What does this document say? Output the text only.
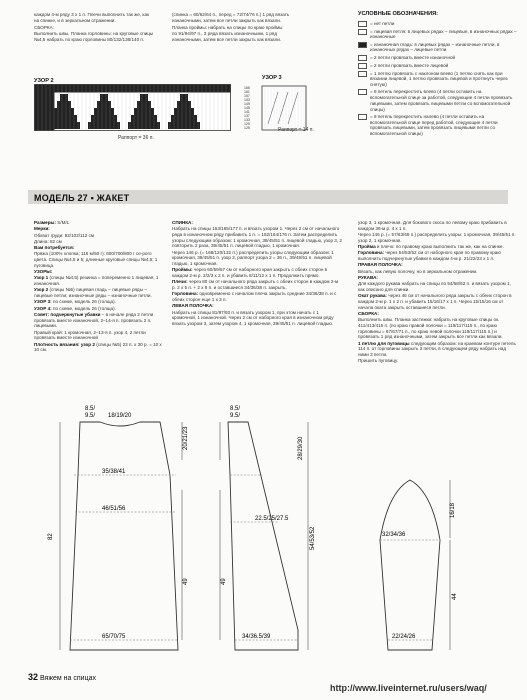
каждом 4-м ряду 3 х 1 п. Плечи выполнить так же, как

на спинке, и в зеркальном отражении.

СБОРКА:

Выполнить швы. Планка горловины: на круговые спицы

№4,5 набрать по краю горловины 80/132/136/140 п.

(спинка = 60/62/64 п., перед = 72/74/76 п.) 1 ряд вязать

изнаночными, затем все петли закрыть как вязали.

Планка проймы: набрать на спицы по краю проймы

по 91/94/97 п., 3 ряда вязать изнаночными, 1 ряд

изнаночными, затем все петли закрыть как вязали.

УСЛОВНЫЕ ОБОЗНАЧЕНИЯ:
= нет петли
= лицевая петля: в лицевых рядах – лицевые, в изнаночных рядах – изнаночные
= изнаночная гладь: в лицевых рядах – изнаночные петли, в изнаночных рядах – лицевые петли
= 2 петли провязать вместе изнаночной
= 2 петли провязать вместе лицевой
= 1 петлю провязать с наклоном влево (1 петлю снять как при вязании лицевой, 1 петлю провязать лицевой и протянуть через снятую)
= 8 петель перекрестить влево (4 петли оставить на вспомогательной спице за работой, следующие 4 петли провязать лицевыми, затем провязать лицевыми петли со вспомогательной спицы)
= 8 петель перекрестить налево (4 петли оставить на вспомогательной спице перед работой, следующие 4 петли провязать лицевыми, затем провязать лицевыми петли со вспомогательной спицы)
УЗОР 2
Раппорт = 36 п.
УЗОР 3
165
161
157
153
149
145
141
137
133
129
125	Раппорт = 14 п.
МОДЕЛЬ 27 ▪ ЖАКЕТ

Размеры: S/M/L

Мерки:

Обхват груди: 92/102/112 см

Длина: 82 см

Вам потребуется:

Пряжа (100% хлопка; 116 м/50 г): 600/700/800 г се-рого цвета. Спицы №4,5 и 5; длинные круговые спицы №4,5; 1 пуговица.

УЗОРЫ:

Узор 1 (спицы №4,5) резинка = попеременно 1 лицевая, 1 изнаночная.

Узор 2 (спицы №5) лицевая гладь – лицевые ряды – лицевые петли; изнаночные ряды – изнаночные петли.

УЗОР 3: по схеме, модель 26 (толща).

УЗОР 4: по схеме, модель 26 (толща).

Совет: подчеркнутые убавки – в начале ряда 2 петли провязать вместе изнаночной, 2–14-я п. провязать 2 п. лицевыми.

Правый край: 1 кромочная, 2–13-я п. узор 4, 2 петли провязать вместе изнаночной

Плотность вязания: узор 2 (спицы №5) 23 п. х 30 р. = 10 х 10 см.

СПИНКА:

Набрать на спицы 153/165/177 п. и вязать узором 1. Через 2 см от начального ряда в изнаночном ряду прибавить 1 п. = 152/164/176 п. Затем распределить узоры следующим образом: 1 кромочная, 39/45/51 п. лицевой гладью, узор 3, 2 повторить 2 раза, 39/45/51 п. лицевой гладью, 1 кромочная.

Через 146 р. (= 168/120/132 п.) распределить узоры следующим образом: 1 кромочная, 39/45/51 п. узор 2, раппорт узора 2 = 36 п., 39/45/51 п. лицевой гладью, 1 кромочная.

Проймы: через 60/59/57 см от наборного края закрыть с обеих сторон в каждом 2-м р. 2/2/3 х 2 п. и убавить 8/11/12 х 1 п. Продолжить прямо.

Плечи: через 80 см от начального ряда закрыть с обеих сторон в каждом 2-м р. 2 х 5 п. + 2 х 6 п. и оставшиеся 34/36/38 п. закрыть.

Горловина: одновременно с началом плеча закрыть средние 34/36/38 п. и с обеих сторон еще 1 х 3 п.

ЛЕВАЯ ПОЛОЧКА:

Набрать на спицы 81/87/93 п. и вязать узором 1, при этом начать с 1 кромочной, 1 изнаночной. Через 2 см от наборного края в изнаночном ряду вязать узором 3, затем узором 4, 1 кромочная, 39/45/51 п. лицевой гладью.

узор 3, 1 кромочная. Для бокового скоса по левому краю прибавить в каждом 36-м р. 4 х 1 п.

Через 146 р. (= 57/63/69 п.) распределить узоры: 1 кромочная, 39/45/51 п. узор 2, 1 кромочная.

Пройма и плечо: по правому краю выполнить так же, как на спинке.

Горловина: через 54/53/52 см от наборного края по правому краю выполнить подчеркнутые убавки в каждом 4-м р. 21/22/23 х 1 п.

ПРАВАЯ ПОЛОЧКА:

Вязать, как левую полочку, но в зеркальном отражении.

РУКАВА:

Для каждого рукава набрать на спицы по 54/58/62 п. и вязать узором 1, как описано для спинки.

Окат рукава: через 46 см от начального ряда закрыть с обеих сторон в каждом 2-м р. 1 х 2 п. и убавить 15/16/17 х 1 п. Через 15/15/16 см от начала оката закрыть оставшиеся петли.

СБОРКА:

Выполнить швы. Планка застежки: набрать на круговые спицы ок. 411/413/415 п. (по краю правой полочки = 119/117/115 п., по краю горловины = 67/67/71 п., по краю левой полочки 119/117/115 п.) и провязать 1 ряд изнаночными, затем закрыть все петли как вязали.

1 петлю для пуговицы следующим образом: на краевом контуре петель 114 п. от горловины закрыть 3 петли, в следующем ряду набрать над ними 3 петли.

Пришить пуговицу.

8.5/
9.5/ 18/19/20
35/38/41
46/51/56
65/70/75
82
20/21/23
49
8.5/
9.5/
22.5/25/27.5
34/36.5/39
28/29/30
54/53/52
49
16/18
32/34/36
22/24/26
44
32 Вяжем на спицах
http://www.liveinternet.ru/users/waq/
